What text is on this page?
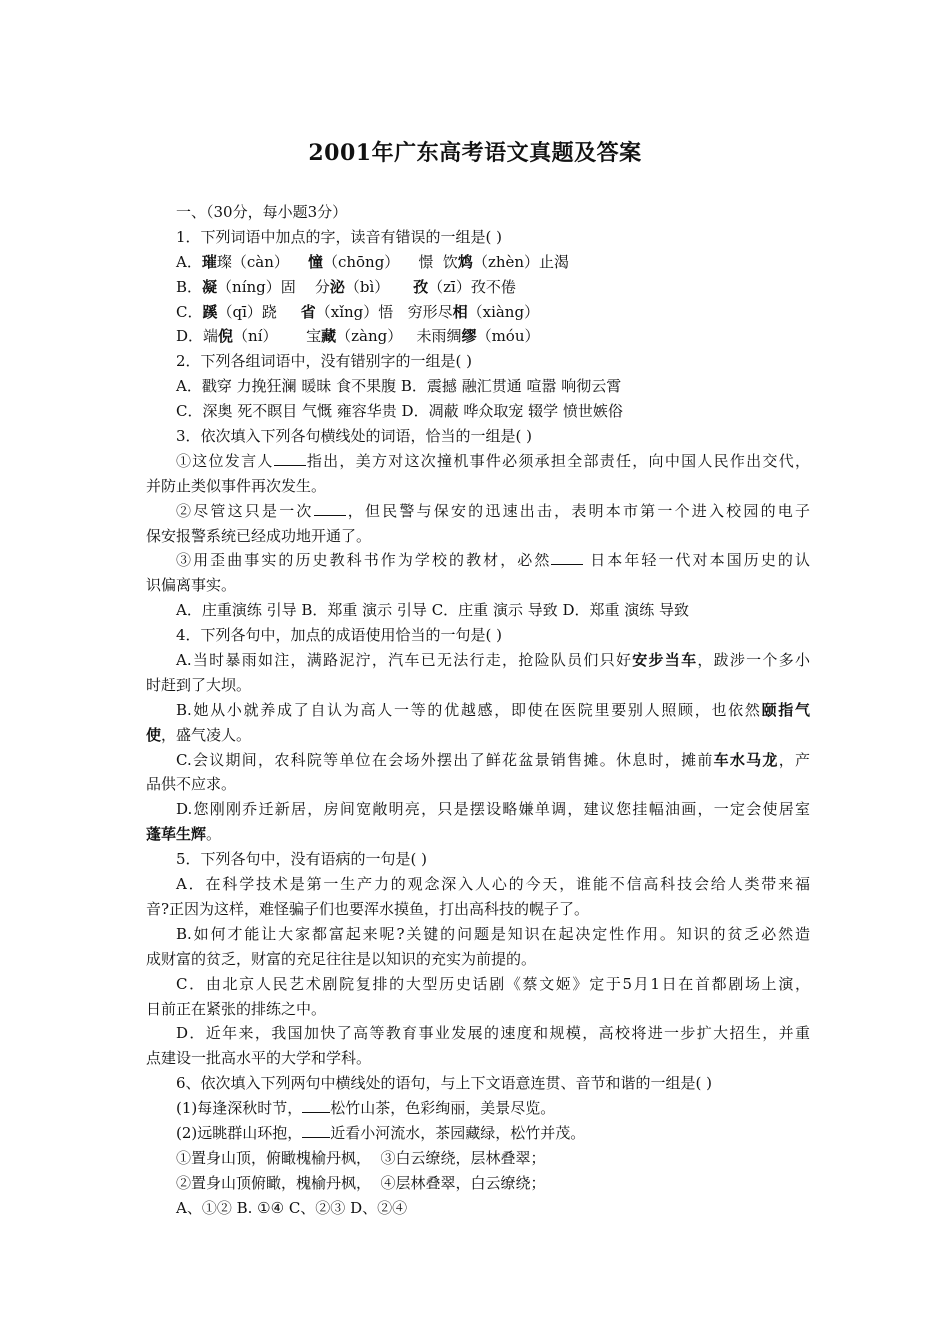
2001年广东高考语文真题及答案
一、（30分，每小题3分）
1．下列词语中加点的字，读音有错误的一组是( )
A．璀璨（càn）    憧（chōng）    憬  饮鸩（zhèn）止渴
B．凝（níng）固    分泌（bì）     孜（zī）孜不倦
C．蹊（qī）跷     省（xǐng）悟   穷形尽相（xiàng）
D．端倪（ní）      宝藏（zàng）   未雨绸缪（móu）
2．下列各组词语中，没有错别字的一组是( )
A．戳穿 力挽狂澜 暖昧 食不果腹 B．震撼 融汇贯通 喧嚣 响彻云霄
C．深奥 死不瞑目 气慨 雍容华贵 D．凋蔽 哗众取宠 辍学 愤世嫉俗
3．依次填入下列各句横线处的词语，恰当的一组是( )
①这位发言人 指出，美方对这次撞机事件必须承担全部责任，向中国人民作出交代，
并防止类似事件再次发生。
②尽管这只是一次 ，但民警与保安的迅速出击，表明本市第一个进入校园的电子
保安报警系统已经成功地开通了。
③用歪曲事实的历史教科书作为学校的教材，必然 日本年轻一代对本国历史的认
识偏离事实。
A．庄重演练 引导 B．郑重 演示 引导 C．庄重 演示 导致 D．郑重 演练 导致
4．下列各句中，加点的成语使用恰当的一句是( )
A.当时暴雨如注，满路泥泞，汽车已无法行走，抢险队员们只好安步当车，跋涉一个多小
时赶到了大坝。
B.她从小就养成了自认为高人一等的优越感，即使在医院里要别人照顾，也依然颐指气
使，盛气凌人。
C.会议期间，农科院等单位在会场外摆出了鲜花盆景销售摊。休息时，摊前车水马龙，产
品供不应求。
D.您刚刚乔迁新居，房间宽敞明亮，只是摆设略嫌单调，建议您挂幅油画，一定会使居室
蓬荜生辉。
5．下列各句中，没有语病的一句是( )
A．在科学技术是第一生产力的观念深入人心的今天，谁能不信高科技会给人类带来福
音?正因为这样，难怪骗子们也要浑水摸鱼，打出高科技的幌子了。
B.如何才能让大家都富起来呢?关键的问题是知识在起决定性作用。知识的贫乏必然造
成财富的贫乏，财富的充足往往是以知识的充实为前提的。
C．由北京人民艺术剧院复排的大型历史话剧《蔡文姬》定于5月1日在首都剧场上演，
日前正在紧张的排练之中。
D．近年来，我国加快了高等教育事业发展的速度和规模，高校将进一步扩大招生，并重
点建设一批高水平的大学和学科。
6、依次填入下列两句中横线处的语句，与上下文语意连贯、音节和谐的一组是( )
(1)每逢深秋时节， 松竹山茶，色彩绚丽，美景尽览。
(2)远眺群山环抱， 近看小河流水，茶园藏绿，松竹并茂。
①置身山顶，俯瞰槐榆丹枫，  ③白云缭绕，层林叠翠；
②置身山顶俯瞰，槐榆丹枫，  ④层林叠翠，白云缭绕；
A、①② B. ①④ C、②③ D、②④
